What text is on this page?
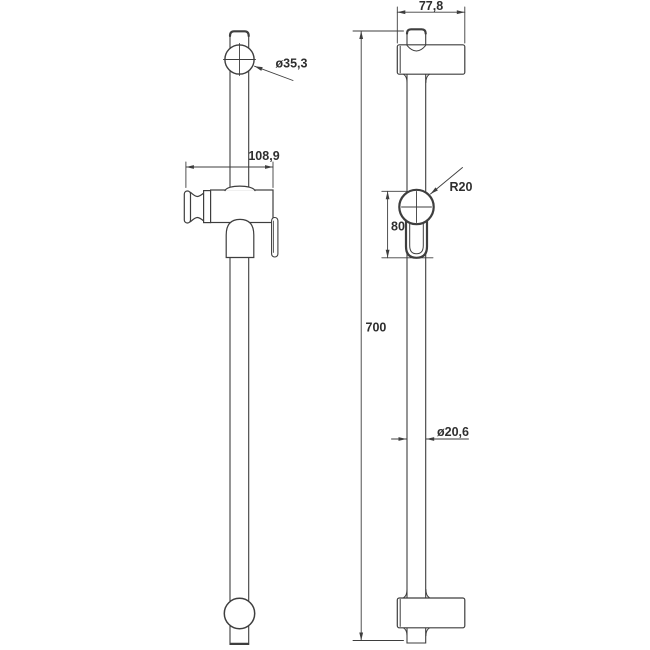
108,9
ø35,3
77,8
700
80
R20
ø20,6
